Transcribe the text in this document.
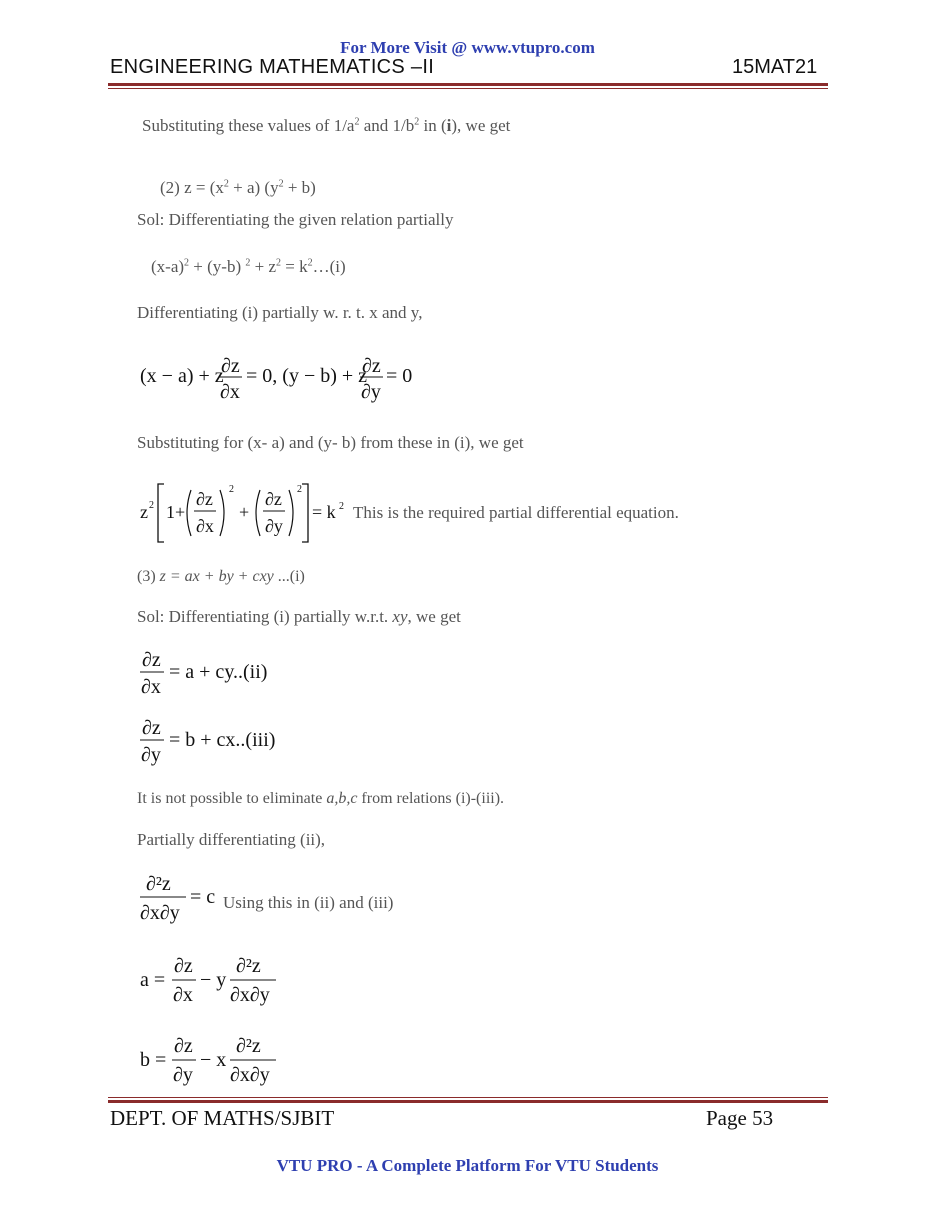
For More Visit @ www.vtupro.com
ENGINEERING MATHEMATICS –II	15MAT21
Substituting these values of $1/a^2$ and $1/b^2$ in (i), we get
(2) $z = (x^2 + a) (y^2 + b)$
Sol: Differentiating the given relation partially
$(x-a)^2 + (y-b) ^2 + z^2$ = $k^2\dots(i)$
Differentiating (i) partially w. r. t. x and y,
(x − a) + z
∂z
∂x
= 0, (y − b) + z
∂z
∂y
= 0
Substituting for (x- a) and (y- b) from these in (i), we get
z 2 1+
∂z
∂x
2
+
∂z
∂y
2
= k 2 This is the required partial differential equation.
(3) z = ax + by + cxy ...(i)
Sol: Differentiating (i) partially w.r.t. xy, we get
∂z
∂x
= a + cy..(ii)
∂z
∂y
= b + cx..(iii)
It is not possible to eliminate a,b,c from relations (i)-(iii).
Partially differentiating (ii),
∂²z
∂x∂y
= c Using this in (ii) and (iii)
a =
∂z
∂x
− y
∂²z
∂x∂y
b =
∂z
∂y
− x
∂²z
∂x∂y
DEPT. OF MATHS/SJBIT	Page 53
VTU PRO - A Complete Platform For VTU Students
